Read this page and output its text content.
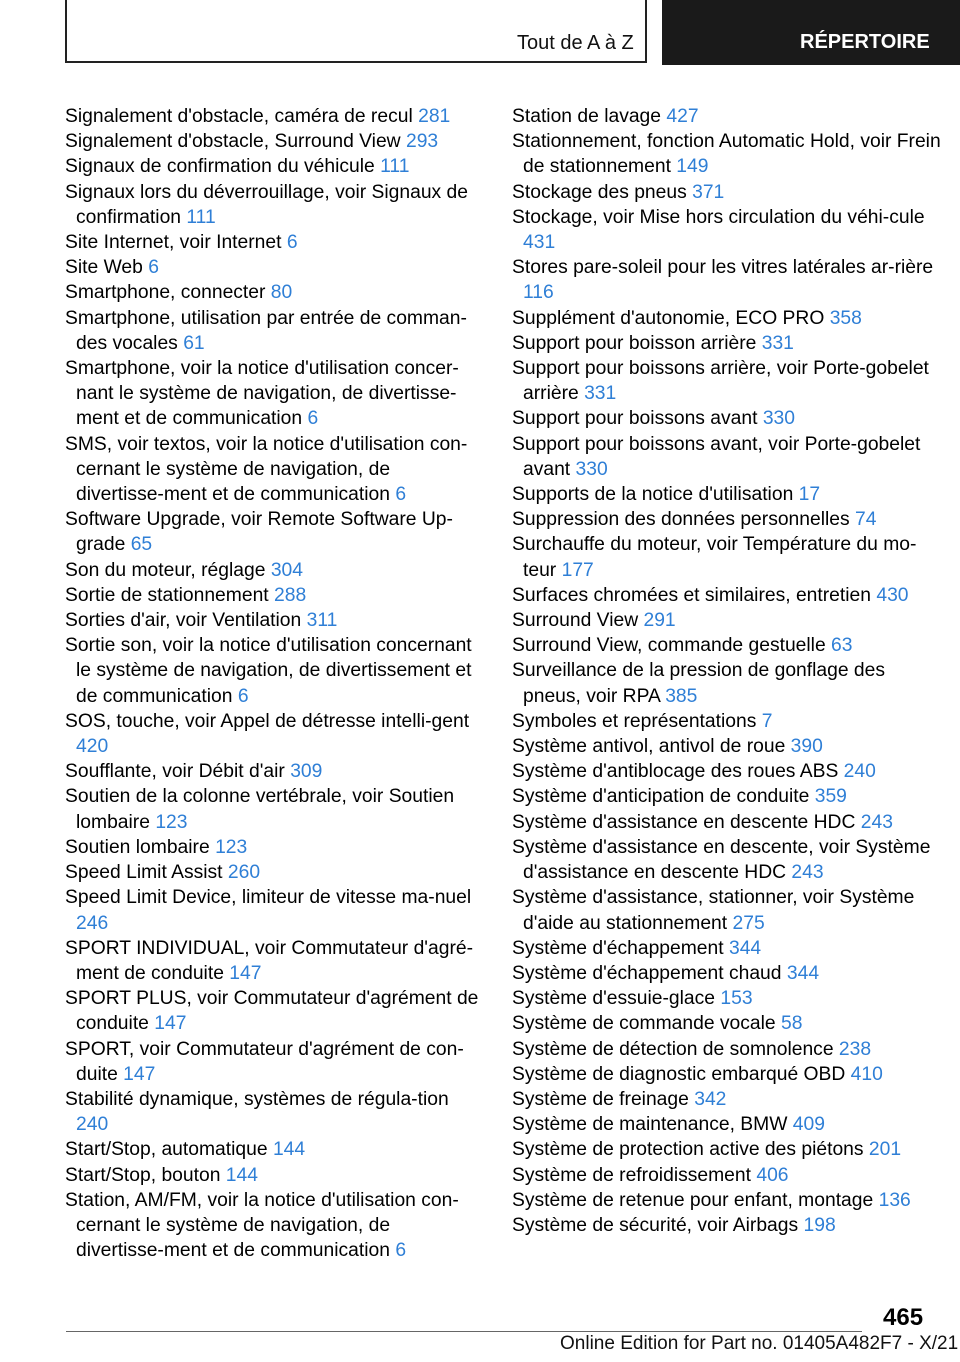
Tout de A à Z	RÉPERTOIRE
Signalement d'obstacle, caméra de recul 281
Signalement d'obstacle, Surround View 293
Signaux de confirmation du véhicule 111
Signaux lors du déverrouillage, voir Signaux de confirmation 111
Site Internet, voir Internet 6
Site Web 6
Smartphone, connecter 80
Smartphone, utilisation par entrée de comman-des vocales 61
Smartphone, voir la notice d'utilisation concer-nant le système de navigation, de divertisse-ment et de communication 6
SMS, voir textos, voir la notice d'utilisation con-cernant le système de navigation, de divertisse-ment et de communication 6
Software Upgrade, voir Remote Software Up-grade 65
Son du moteur, réglage 304
Sortie de stationnement 288
Sorties d'air, voir Ventilation 311
Sortie son, voir la notice d'utilisation concernant le système de navigation, de divertissement et de communication 6
SOS, touche, voir Appel de détresse intelli-gent 420
Soufflante, voir Débit d'air 309
Soutien de la colonne vertébrale, voir Soutien lombaire 123
Soutien lombaire 123
Speed Limit Assist 260
Speed Limit Device, limiteur de vitesse ma-nuel 246
SPORT INDIVIDUAL, voir Commutateur d'agré-ment de conduite 147
SPORT PLUS, voir Commutateur d'agrément de conduite 147
SPORT, voir Commutateur d'agrément de con-duite 147
Stabilité dynamique, systèmes de régula-tion 240
Start/Stop, automatique 144
Start/Stop, bouton 144
Station, AM/FM, voir la notice d'utilisation con-cernant le système de navigation, de divertisse-ment et de communication 6
Station de lavage 427
Stationnement, fonction Automatic Hold, voir Frein de stationnement 149
Stockage des pneus 371
Stockage, voir Mise hors circulation du véhi-cule 431
Stores pare-soleil pour les vitres latérales ar-rière 116
Supplément d'autonomie, ECO PRO 358
Support pour boisson arrière 331
Support pour boissons arrière, voir Porte-gobelet arrière 331
Support pour boissons avant 330
Support pour boissons avant, voir Porte-gobelet avant 330
Supports de la notice d'utilisation 17
Suppression des données personnelles 74
Surchauffe du moteur, voir Température du mo-teur 177
Surfaces chromées et similaires, entretien 430
Surround View 291
Surround View, commande gestuelle 63
Surveillance de la pression de gonflage des pneus, voir RPA 385
Symboles et représentations 7
Système antivol, antivol de roue 390
Système d'antiblocage des roues ABS 240
Système d'anticipation de conduite 359
Système d'assistance en descente HDC 243
Système d'assistance en descente, voir Système d'assistance en descente HDC 243
Système d'assistance, stationner, voir Système d'aide au stationnement 275
Système d'échappement 344
Système d'échappement chaud 344
Système d'essuie-glace 153
Système de commande vocale 58
Système de détection de somnolence 238
Système de diagnostic embarqué OBD 410
Système de freinage 342
Système de maintenance, BMW 409
Système de protection active des piétons 201
Système de refroidissement 406
Système de retenue pour enfant, montage 136
Système de sécurité, voir Airbags 198
465
Online Edition for Part no. 01405A482F7 - X/21
